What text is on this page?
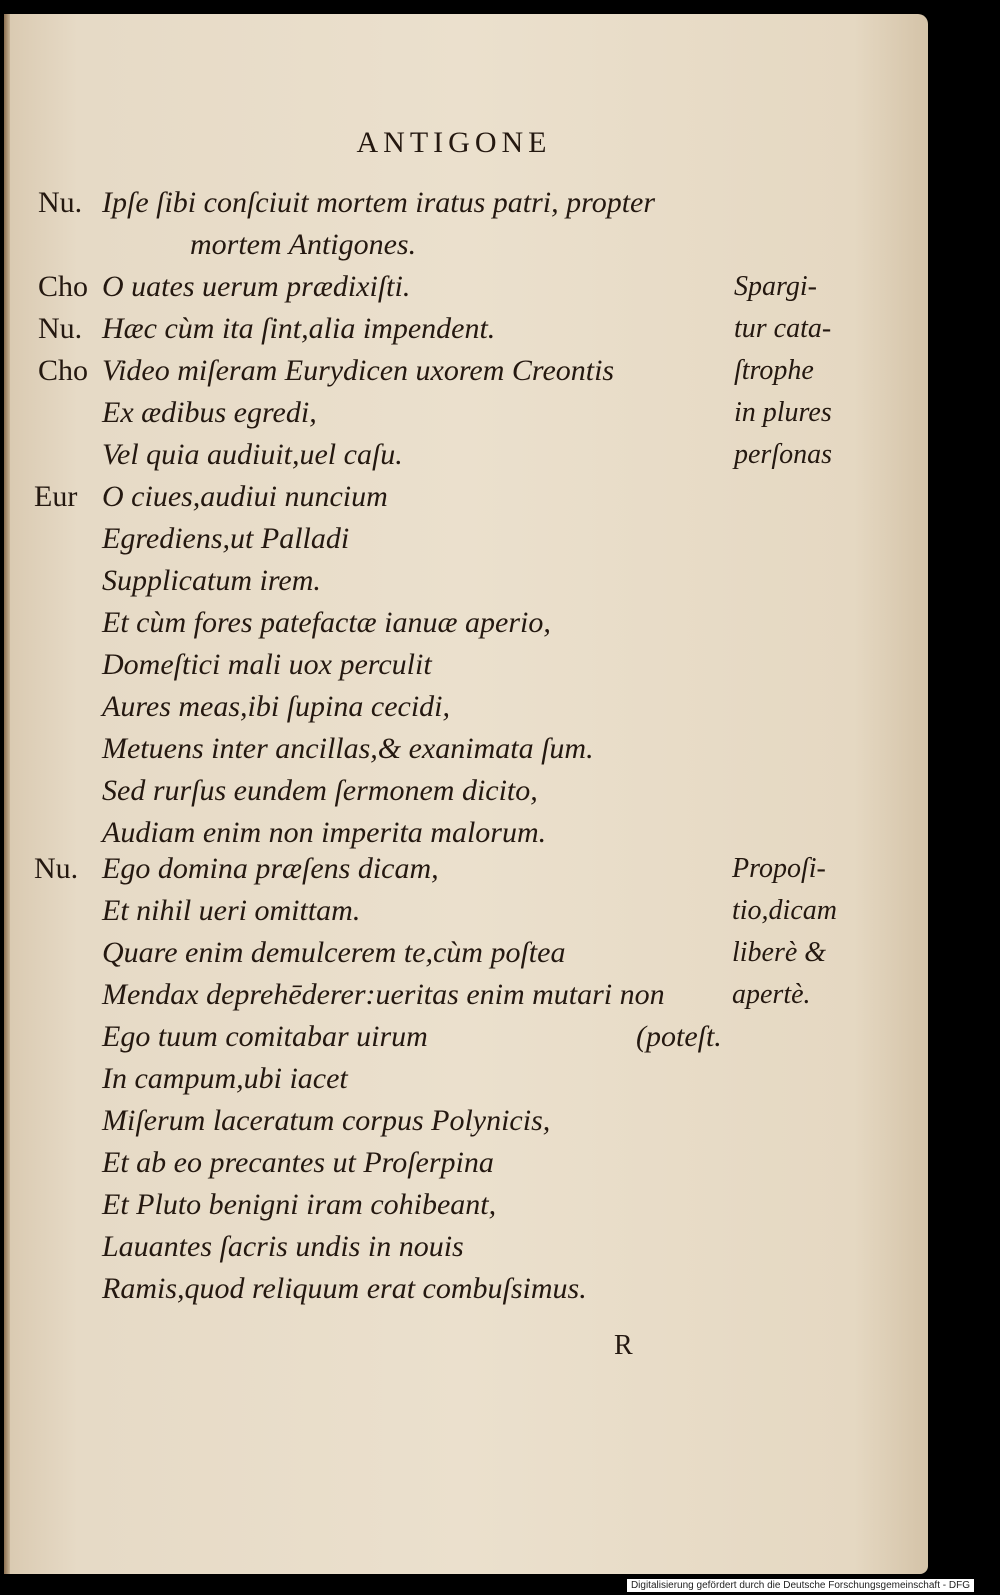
ANTIGONE
Nu.
Cho
Nu.
Cho
Eur
Nu.
Ipſe ſibi conſciuit mortem iratus patri, propter
mortem Antigones.
O uates uerum prædixiſti.
Hæc cùm ita ſint,alia impendent.
Video miſeram Eurydicen uxorem Creontis
Ex ædibus egredi,
Vel quia audiuit,uel caſu.
O ciues,audiui nuncium
Egrediens,ut Palladi
Supplicatum irem.
Et cùm fores patefactæ ianuæ aperio,
Domeſtici mali uox perculit
Aures meas,ibi ſupina cecidi,
Metuens inter ancillas,& exanimata ſum.
Sed rurſus eundem ſermonem dicito,
Audiam enim non imperita malorum.
Ego domina præſens dicam,
Et nihil ueri omittam.
Quare enim demulcerem te,cùm poſtea
Mendax deprehēderer:ueritas enim mutari non
Ego tuum comitabar uirum
In campum,ubi iacet
Miſerum laceratum corpus Polynicis,
Et ab eo precantes ut Proſerpina
Et Pluto benigni iram cohibeant,
Lauantes ſacris undis in nouis
Ramis,quod reliquum erat combuſsimus.
(poteſt.
Spargi-
tur cata-
ſtrophe
in plures
perſonas
Propoſi-
tio,dicam
liberè &
apertè.
R
Digitalisierung gefördert durch die Deutsche Forschungsgemeinschaft - DFG
